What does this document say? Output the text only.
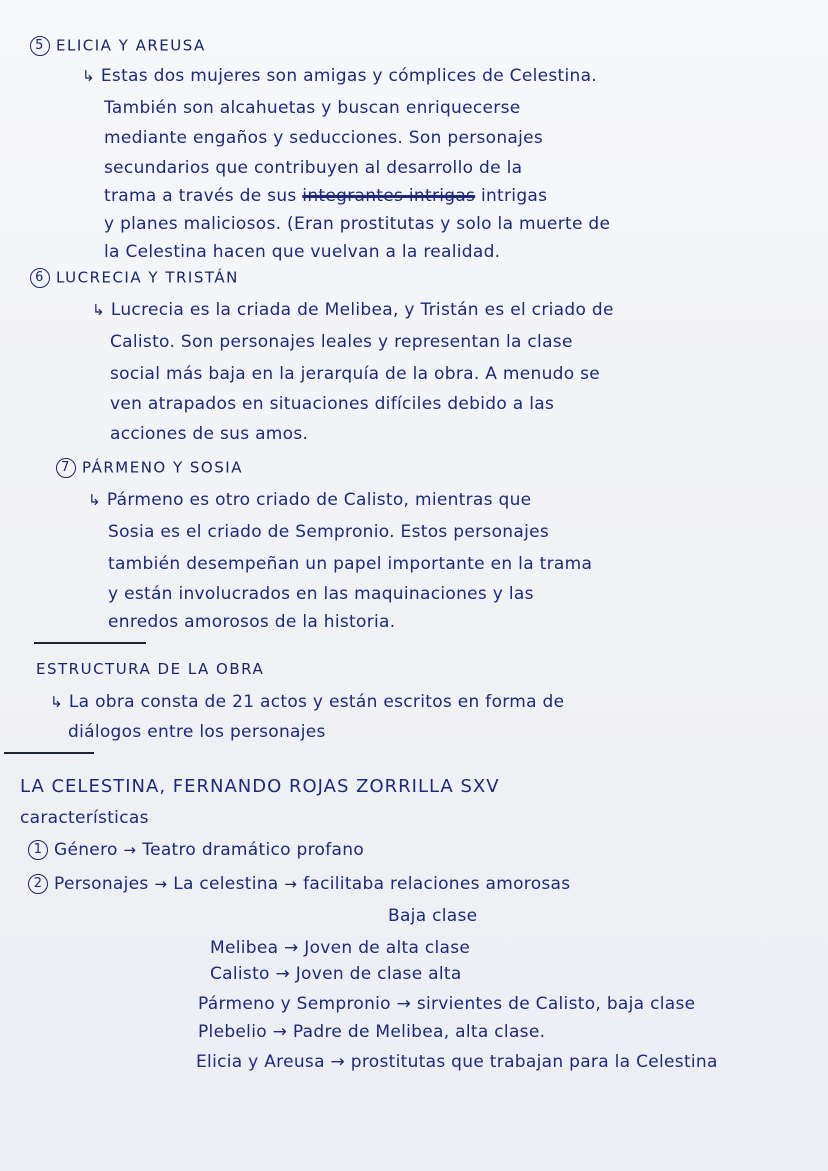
5 ELICIA Y AREUSA
↳ Estas dos mujeres son amigas y cómplices de Celestina.
También son alcahuetas y buscan enriquecerse
mediante engaños y seducciones. Son personajes
secundarios que contribuyen al desarrollo de la
trama a través de sus integrantes intrigas intrigas
y planes maliciosos. (Eran prostitutas y solo la muerte de
la Celestina hacen que vuelvan a la realidad.
6 LUCRECIA Y TRISTÁN
↳ Lucrecia es la criada de Melibea, y Tristán es el criado de
Calisto. Son personajes leales y representan la clase
social más baja en la jerarquía de la obra. A menudo se
ven atrapados en situaciones difíciles debido a las
acciones de sus amos.
7 PÁRMENO Y SOSIA
↳ Pármeno es otro criado de Calisto, mientras que
Sosia es el criado de Sempronio. Estos personajes
también desempeñan un papel importante en la trama
y están involucrados en las maquinaciones y las
enredos amorosos de la historia.
ESTRUCTURA DE LA OBRA
↳ La obra consta de 21 actos y están escritos en forma de
diálogos entre los personajes
LA CELESTINA, FERNANDO ROJAS ZORRILLA SXV
características
1 Género → Teatro dramático profano
2 Personajes → La celestina → facilitaba relaciones amorosas
Baja clase
Melibea → Joven de alta clase
Calisto → Joven de clase alta
Pármeno y Sempronio → sirvientes de Calisto, baja clase
Plebelio → Padre de Melibea, alta clase.
Elicia y Areusa → prostitutas que trabajan para la Celestina
